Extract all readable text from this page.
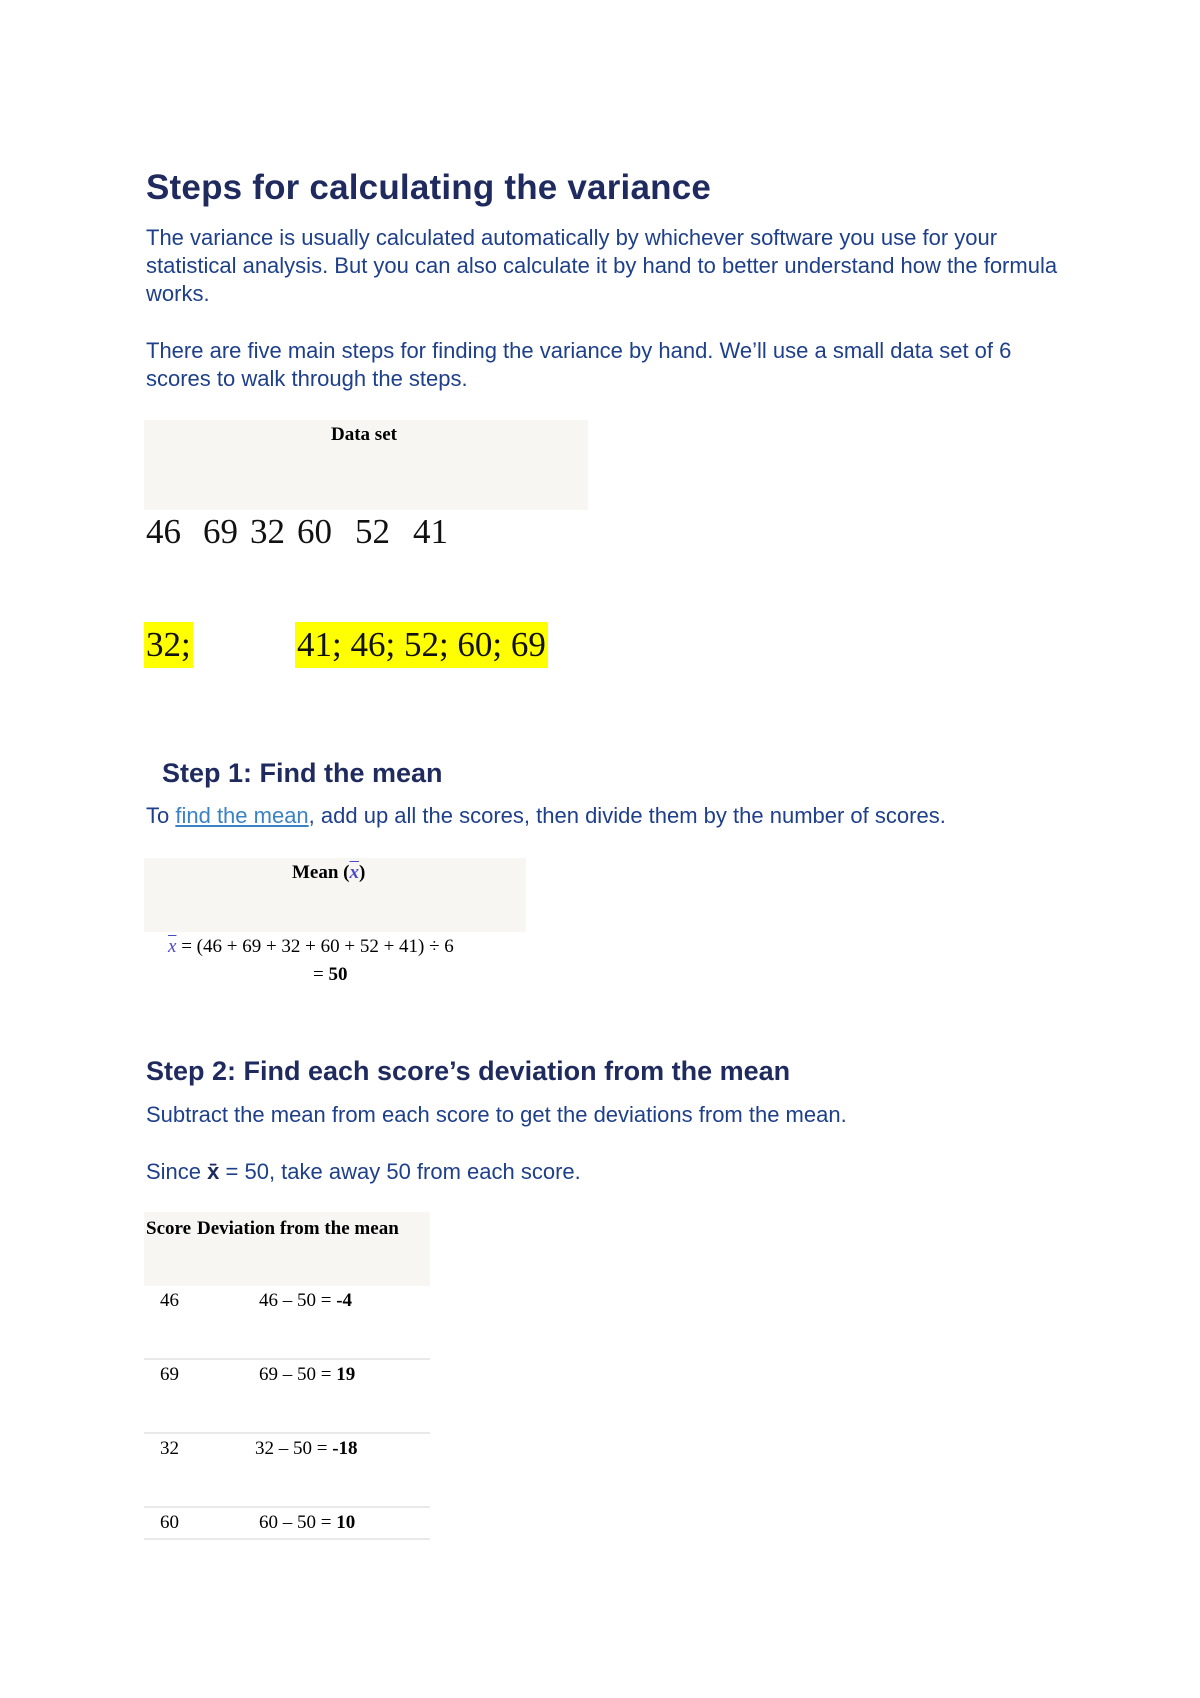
Steps for calculating the variance

The variance is usually calculated automatically by whichever software you use for your statistical analysis. But you can also calculate it by hand to better understand how the formula works.

There are five main steps for finding the variance by hand. We’ll use a small data set of 6 scores to walk through the steps.

Data set
46 69 32 60 52 41
32;	41; 46; 52; 60; 69
Step 1: Find the mean

To find the mean, add up all the scores, then divide them by the number of scores.

Mean $(\overline{x})$
$\overline{x} = (46 + 69 + 32 + 60 + 52 + 41) \div 6$
= 50
Step 2: Find each score’s deviation from the mean

Subtract the mean from each score to get the deviations from the mean.

Since x̄ = 50, take away 50 from each score.

Score Deviation from the mean
46	46 – 50 = -4
69	69 – 50 = 19
32	32 – 50 = -18
60	60 – 50 = 10
